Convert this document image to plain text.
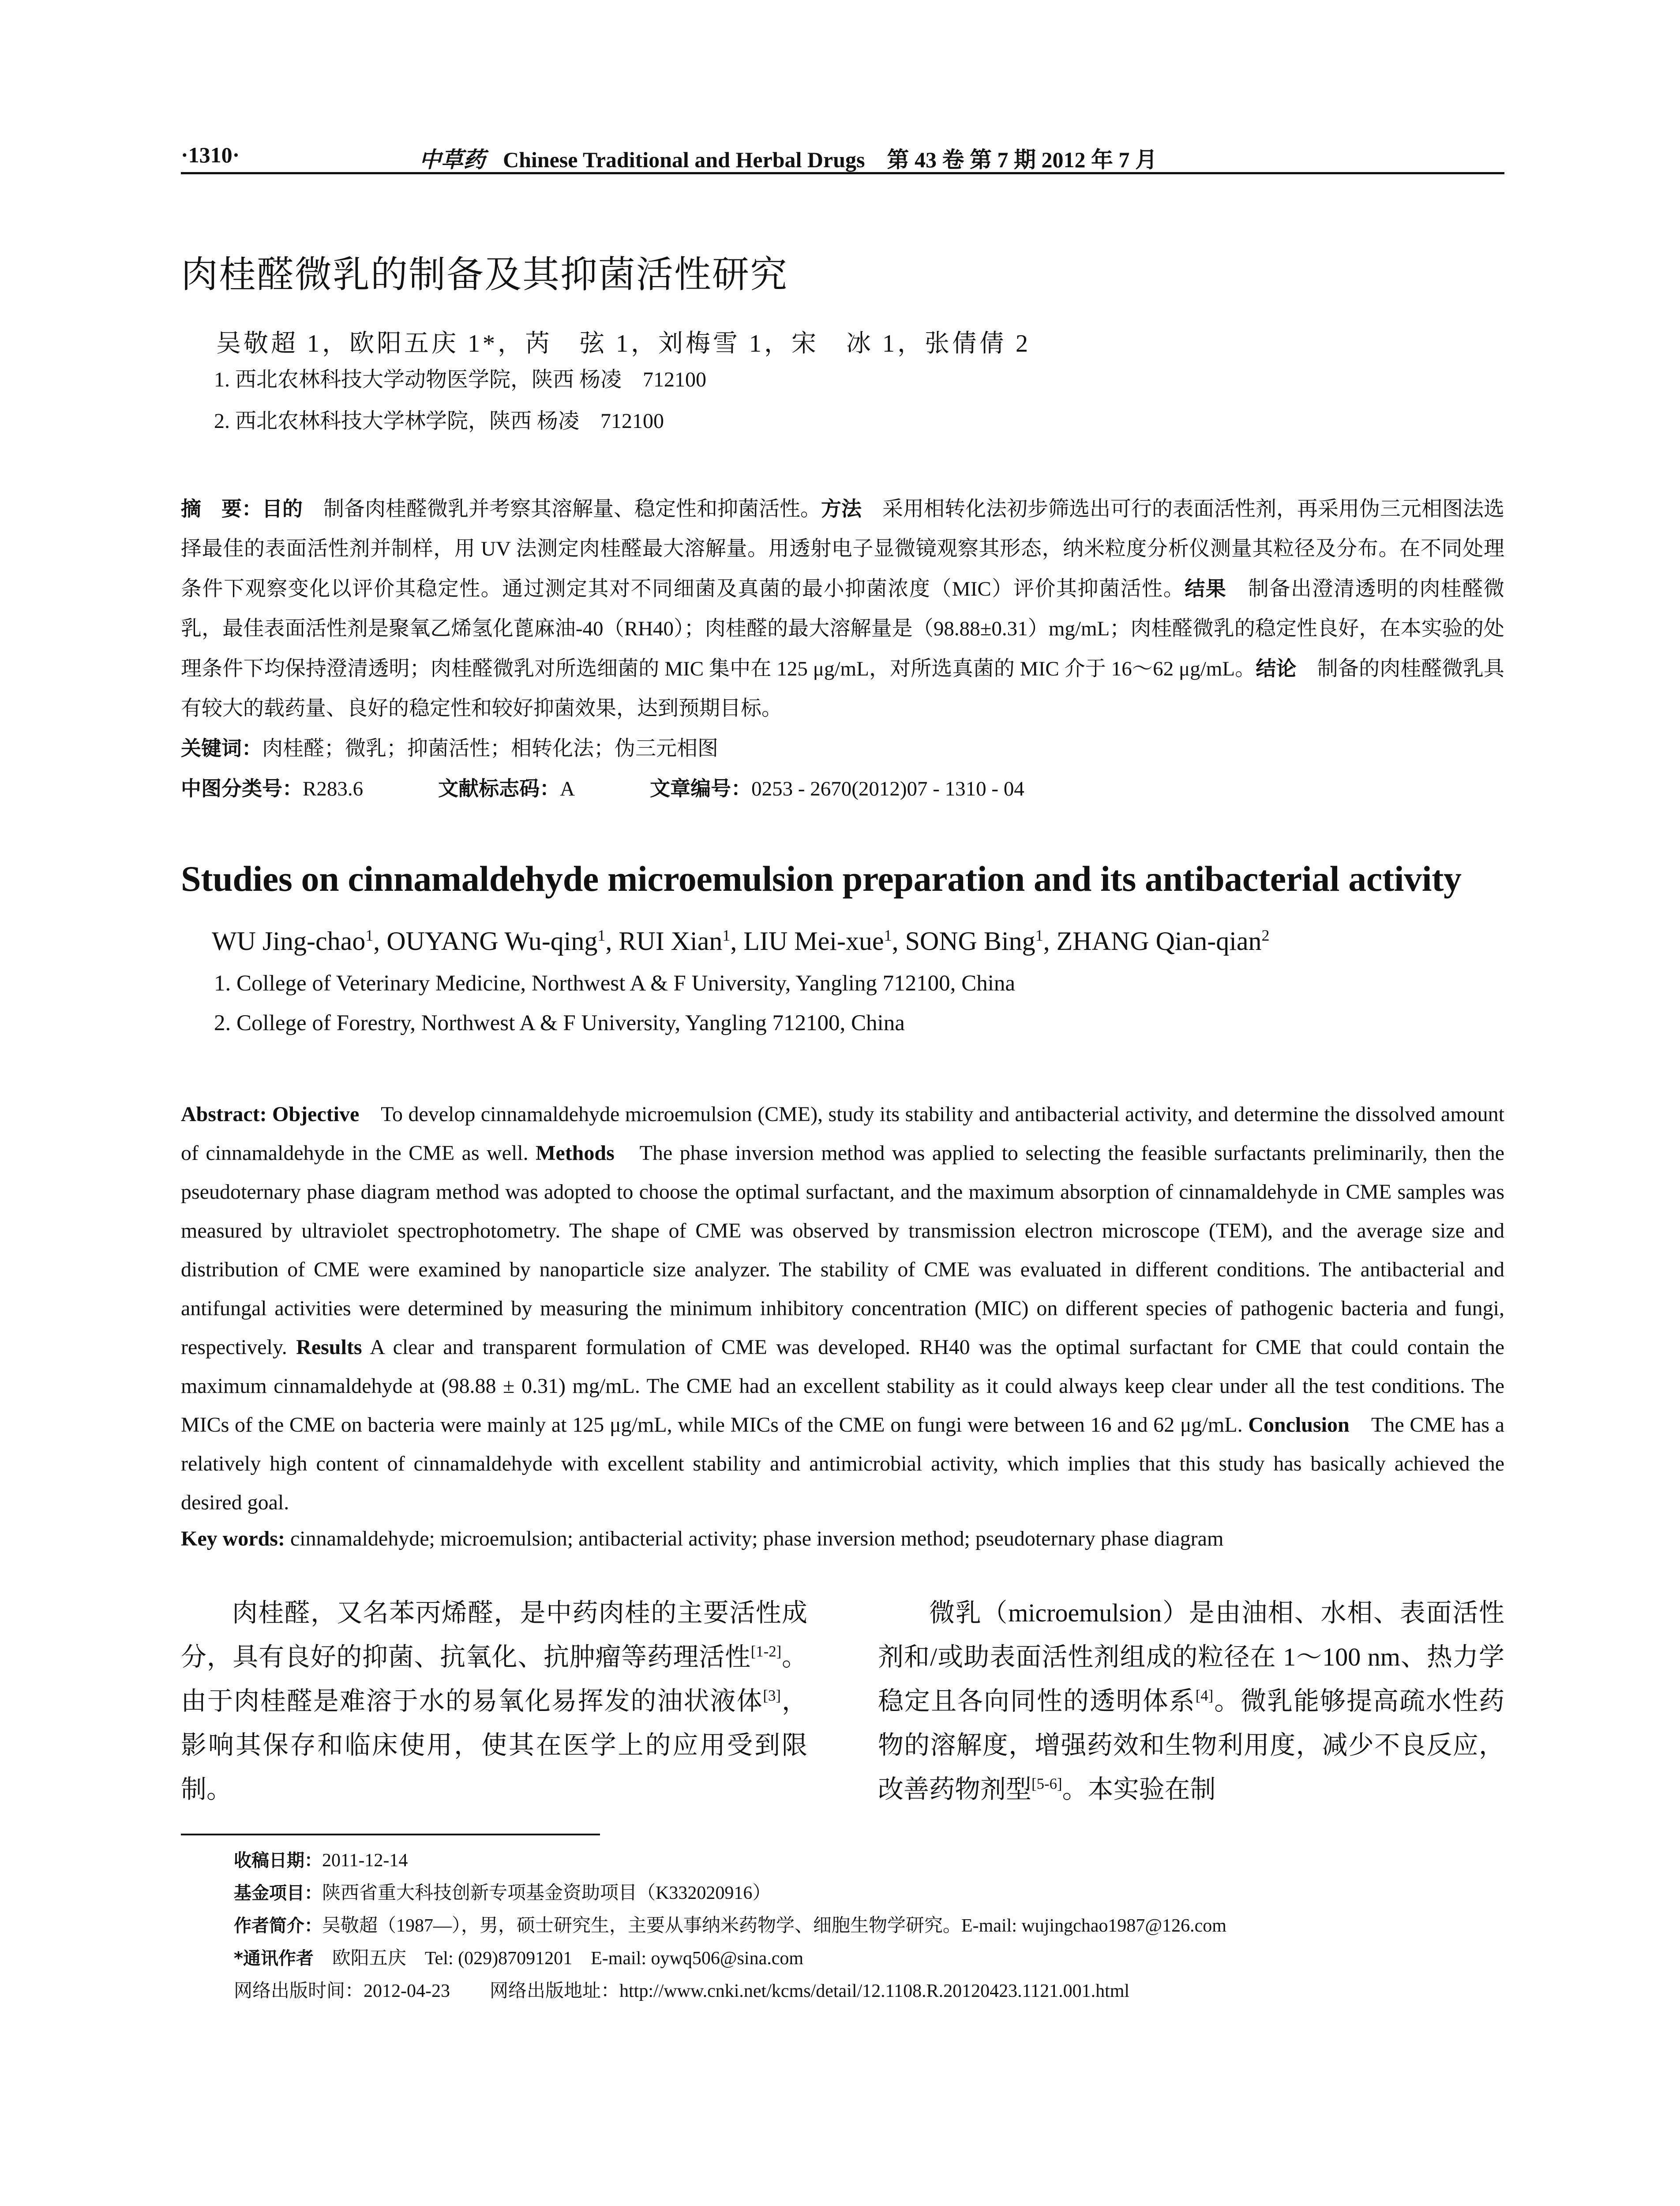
·1310·	中草药 Chinese Traditional and Herbal Drugs　第 43 卷 第 7 期 2012 年 7 月
肉桂醛微乳的制备及其抑菌活性研究
吴敬超 1，欧阳五庆 1*，芮　弦 1，刘梅雪 1，宋　冰 1，张倩倩 2
1. 西北农林科技大学动物医学院，陕西 杨凌　712100
2. 西北农林科技大学林学院，陕西 杨凌　712100
摘　要：目的　制备肉桂醛微乳并考察其溶解量、稳定性和抑菌活性。方法　采用相转化法初步筛选出可行的表面活性剂，再采用伪三元相图法选择最佳的表面活性剂并制样，用 UV 法测定肉桂醛最大溶解量。用透射电子显微镜观察其形态，纳米粒度分析仪测量其粒径及分布。在不同处理条件下观察变化以评价其稳定性。通过测定其对不同细菌及真菌的最小抑菌浓度（MIC）评价其抑菌活性。结果　制备出澄清透明的肉桂醛微乳，最佳表面活性剂是聚氧乙烯氢化蓖麻油-40（RH40）；肉桂醛的最大溶解量是（98.88±0.31）mg/mL；肉桂醛微乳的稳定性良好，在本实验的处理条件下均保持澄清透明；肉桂醛微乳对所选细菌的 MIC 集中在 125 μg/mL，对所选真菌的 MIC 介于 16～62 μg/mL。结论　制备的肉桂醛微乳具有较大的载药量、良好的稳定性和较好抑菌效果，达到预期目标。
关键词：肉桂醛；微乳；抑菌活性；相转化法；伪三元相图
中图分类号：R283.6	文献标志码：A	文章编号：0253 - 2670(2012)07 - 1310 - 04
Studies on cinnamaldehyde microemulsion preparation and its antibacterial activity
WU Jing-chao$^1$, OUYANG Wu-qing$^1$, RUI Xian$^1$, LIU Mei-xue$^1$, SONG Bing$^1$, ZHANG Qian-qian$^2$
1. College of Veterinary Medicine, Northwest A & F University, Yangling 712100, China
2. College of Forestry, Northwest A & F University, Yangling 712100, China
Abstract: Objective　To develop cinnamaldehyde microemulsion (CME), study its stability and antibacterial activity, and determine the dissolved amount of cinnamaldehyde in the CME as well. Methods　The phase inversion method was applied to selecting the feasible surfactants preliminarily, then the pseudoternary phase diagram method was adopted to choose the optimal surfactant, and the maximum absorption of cinnamaldehyde in CME samples was measured by ultraviolet spectrophotometry. The shape of CME was observed by transmission electron microscope (TEM), and the average size and distribution of CME were examined by nanoparticle size analyzer. The stability of CME was evaluated in different conditions. The antibacterial and antifungal activities were determined by measuring the minimum inhibitory concentration (MIC) on different species of pathogenic bacteria and fungi, respectively. Results A clear and transparent formulation of CME was developed. RH40 was the optimal surfactant for CME that could contain the maximum cinnamaldehyde at (98.88 ± 0.31) mg/mL. The CME had an excellent stability as it could always keep clear under all the test conditions. The MICs of the CME on bacteria were mainly at 125 μg/mL, while MICs of the CME on fungi were between 16 and 62 μg/mL. Conclusion　The CME has a relatively high content of cinnamaldehyde with excellent stability and antimicrobial activity, which implies that this study has basically achieved the desired goal.
Key words: cinnamaldehyde; microemulsion; antibacterial activity; phase inversion method; pseudoternary phase diagram

肉桂醛，又名苯丙烯醛，是中药肉桂的主要活性成分，具有良好的抑菌、抗氧化、抗肿瘤等药理活性[1-2]。由于肉桂醛是难溶于水的易氧化易挥发的油状液体[3]，影响其保存和临床使用，使其在医学上的应用受到限制。

微乳（microemulsion）是由油相、水相、表面活性剂和/或助表面活性剂组成的粒径在 1～100 nm、热力学稳定且各向同性的透明体系[4]。微乳能够提高疏水性药物的溶解度，增强药效和生物利用度，减少不良反应，改善药物剂型[5-6]。本实验在制

收稿日期：2011-12-14
基金项目：陕西省重大科技创新专项基金资助项目（K332020916）
作者简介：吴敬超（1987—），男，硕士研究生，主要从事纳米药物学、细胞生物学研究。E-mail: wujingchao1987@126.com
*通讯作者　欧阳五庆　Tel: (029)87091201　E-mail: oywq506@sina.com
网络出版时间：2012-04-23 网络出版地址：http://www.cnki.net/kcms/detail/12.1108.R.20120423.1121.001.html
